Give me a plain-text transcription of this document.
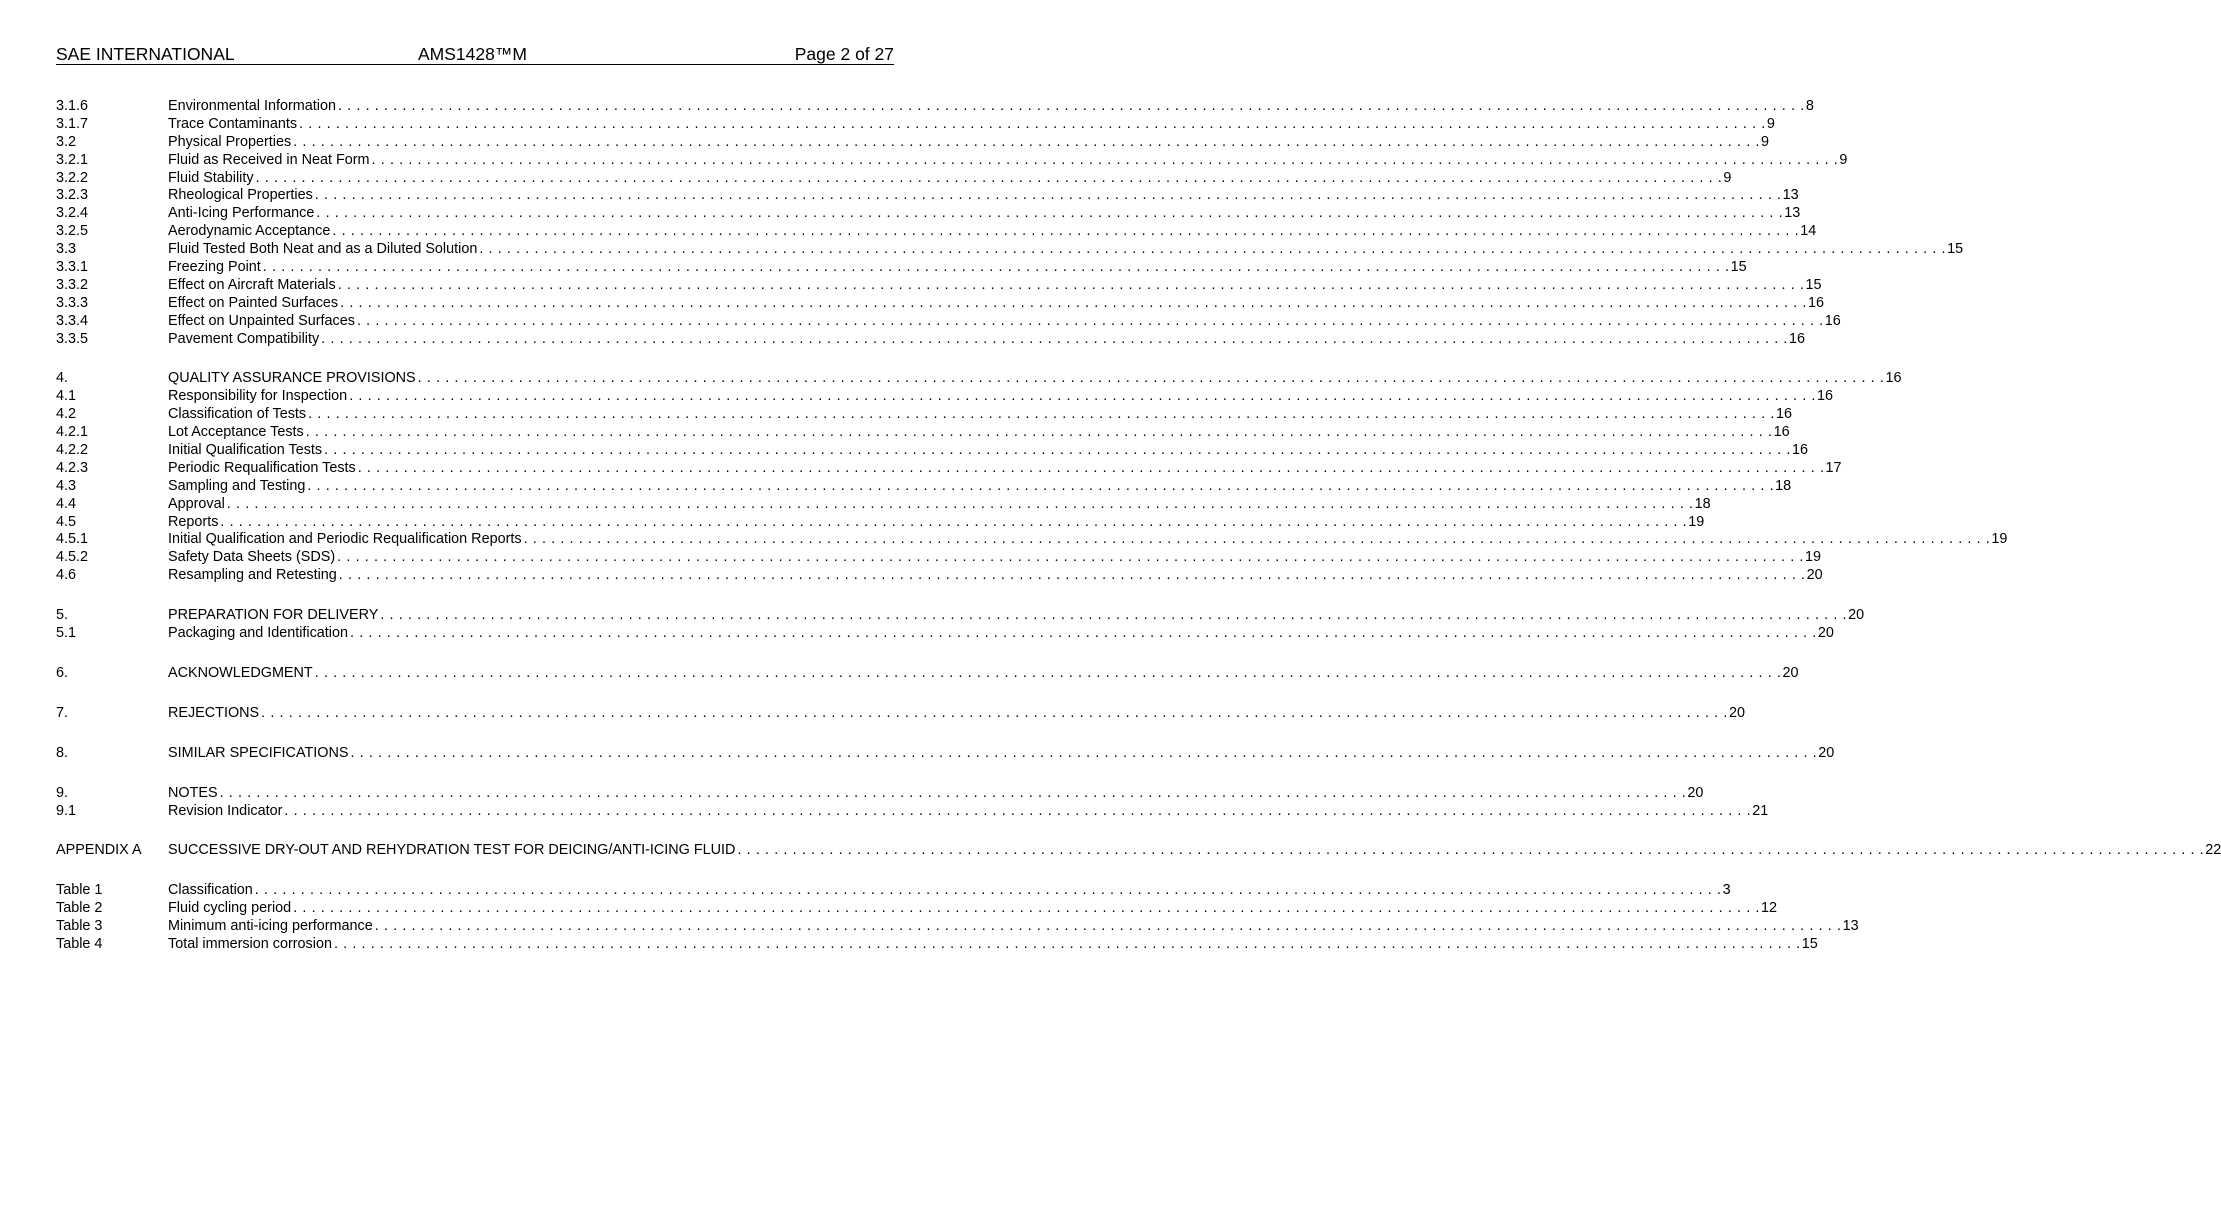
SAE INTERNATIONAL	AMS1428™M	Page 2 of 27
3.1.6	Environmental Information . . . . . . . . . . . . . . . . . . . . . . . . . . . . . . . . . . . . . . . . . . . . . . . . . . . . . . . . . . . . . . . . . . . . . . . . . . . . . . . . . . . . . . . . . . . . . . . . . . . . . . . . . . . . . . . . . . . . . . . . . . . . . . . . . . . . . . . . . . . . . . . . . . . . . . . . . . . . . . . . 8
3.1.7	Trace Contaminants . . . . . . . . . . . . . . . . . . . . . . . . . . . . . . . . . . . . . . . . . . . . . . . . . . . . . . . . . . . . . . . . . . . . . . . . . . . . . . . . . . . . . . . . . . . . . . . . . . . . . . . . . . . . . . . . . . . . . . . . . . . . . . . . . . . . . . . . . . . . . . . . . . . . . . . . . . . . . . . . 9
3.2	Physical Properties . . . . . . . . . . . . . . . . . . . . . . . . . . . . . . . . . . . . . . . . . . . . . . . . . . . . . . . . . . . . . . . . . . . . . . . . . . . . . . . . . . . . . . . . . . . . . . . . . . . . . . . . . . . . . . . . . . . . . . . . . . . . . . . . . . . . . . . . . . . . . . . . . . . . . . . . . . . . . . . . 9
3.2.1	Fluid as Received in Neat Form . . . . . . . . . . . . . . . . . . . . . . . . . . . . . . . . . . . . . . . . . . . . . . . . . . . . . . . . . . . . . . . . . . . . . . . . . . . . . . . . . . . . . . . . . . . . . . . . . . . . . . . . . . . . . . . . . . . . . . . . . . . . . . . . . . . . . . . . . . . . . . . . . . . . . . . . . . . . . . . . 9
3.2.2	Fluid Stability . . . . . . . . . . . . . . . . . . . . . . . . . . . . . . . . . . . . . . . . . . . . . . . . . . . . . . . . . . . . . . . . . . . . . . . . . . . . . . . . . . . . . . . . . . . . . . . . . . . . . . . . . . . . . . . . . . . . . . . . . . . . . . . . . . . . . . . . . . . . . . . . . . . . . . . . . . . . . . . . 9
3.2.3	Rheological Properties . . . . . . . . . . . . . . . . . . . . . . . . . . . . . . . . . . . . . . . . . . . . . . . . . . . . . . . . . . . . . . . . . . . . . . . . . . . . . . . . . . . . . . . . . . . . . . . . . . . . . . . . . . . . . . . . . . . . . . . . . . . . . . . . . . . . . . . . . . . . . . . . . . . . . . . . . . . . . . . . 13
3.2.4	Anti-Icing Performance . . . . . . . . . . . . . . . . . . . . . . . . . . . . . . . . . . . . . . . . . . . . . . . . . . . . . . . . . . . . . . . . . . . . . . . . . . . . . . . . . . . . . . . . . . . . . . . . . . . . . . . . . . . . . . . . . . . . . . . . . . . . . . . . . . . . . . . . . . . . . . . . . . . . . . . . . . . . . . . . 13
3.2.5	Aerodynamic Acceptance . . . . . . . . . . . . . . . . . . . . . . . . . . . . . . . . . . . . . . . . . . . . . . . . . . . . . . . . . . . . . . . . . . . . . . . . . . . . . . . . . . . . . . . . . . . . . . . . . . . . . . . . . . . . . . . . . . . . . . . . . . . . . . . . . . . . . . . . . . . . . . . . . . . . . . . . . . . . . . . . 14
3.3	Fluid Tested Both Neat and as a Diluted Solution . . . . . . . . . . . . . . . . . . . . . . . . . . . . . . . . . . . . . . . . . . . . . . . . . . . . . . . . . . . . . . . . . . . . . . . . . . . . . . . . . . . . . . . . . . . . . . . . . . . . . . . . . . . . . . . . . . . . . . . . . . . . . . . . . . . . . . . . . . . . . . . . . . . . . . . . . . . . . . . . 15
3.3.1	Freezing Point . . . . . . . . . . . . . . . . . . . . . . . . . . . . . . . . . . . . . . . . . . . . . . . . . . . . . . . . . . . . . . . . . . . . . . . . . . . . . . . . . . . . . . . . . . . . . . . . . . . . . . . . . . . . . . . . . . . . . . . . . . . . . . . . . . . . . . . . . . . . . . . . . . . . . . . . . . . . . . . . 15
3.3.2	Effect on Aircraft Materials . . . . . . . . . . . . . . . . . . . . . . . . . . . . . . . . . . . . . . . . . . . . . . . . . . . . . . . . . . . . . . . . . . . . . . . . . . . . . . . . . . . . . . . . . . . . . . . . . . . . . . . . . . . . . . . . . . . . . . . . . . . . . . . . . . . . . . . . . . . . . . . . . . . . . . . . . . . . . . . . 15
3.3.3	Effect on Painted Surfaces . . . . . . . . . . . . . . . . . . . . . . . . . . . . . . . . . . . . . . . . . . . . . . . . . . . . . . . . . . . . . . . . . . . . . . . . . . . . . . . . . . . . . . . . . . . . . . . . . . . . . . . . . . . . . . . . . . . . . . . . . . . . . . . . . . . . . . . . . . . . . . . . . . . . . . . . . . . . . . . . 16
3.3.4	Effect on Unpainted Surfaces . . . . . . . . . . . . . . . . . . . . . . . . . . . . . . . . . . . . . . . . . . . . . . . . . . . . . . . . . . . . . . . . . . . . . . . . . . . . . . . . . . . . . . . . . . . . . . . . . . . . . . . . . . . . . . . . . . . . . . . . . . . . . . . . . . . . . . . . . . . . . . . . . . . . . . . . . . . . . . . . 16
3.3.5	Pavement Compatibility . . . . . . . . . . . . . . . . . . . . . . . . . . . . . . . . . . . . . . . . . . . . . . . . . . . . . . . . . . . . . . . . . . . . . . . . . . . . . . . . . . . . . . . . . . . . . . . . . . . . . . . . . . . . . . . . . . . . . . . . . . . . . . . . . . . . . . . . . . . . . . . . . . . . . . . . . . . . . . . . 16
4.	QUALITY ASSURANCE PROVISIONS . . . . . . . . . . . . . . . . . . . . . . . . . . . . . . . . . . . . . . . . . . . . . . . . . . . . . . . . . . . . . . . . . . . . . . . . . . . . . . . . . . . . . . . . . . . . . . . . . . . . . . . . . . . . . . . . . . . . . . . . . . . . . . . . . . . . . . . . . . . . . . . . . . . . . . . . . . . . . . . . 16
4.1	Responsibility for Inspection . . . . . . . . . . . . . . . . . . . . . . . . . . . . . . . . . . . . . . . . . . . . . . . . . . . . . . . . . . . . . . . . . . . . . . . . . . . . . . . . . . . . . . . . . . . . . . . . . . . . . . . . . . . . . . . . . . . . . . . . . . . . . . . . . . . . . . . . . . . . . . . . . . . . . . . . . . . . . . . . 16
4.2	Classification of Tests . . . . . . . . . . . . . . . . . . . . . . . . . . . . . . . . . . . . . . . . . . . . . . . . . . . . . . . . . . . . . . . . . . . . . . . . . . . . . . . . . . . . . . . . . . . . . . . . . . . . . . . . . . . . . . . . . . . . . . . . . . . . . . . . . . . . . . . . . . . . . . . . . . . . . . . . . . . . . . . . 16
4.2.1	Lot Acceptance Tests . . . . . . . . . . . . . . . . . . . . . . . . . . . . . . . . . . . . . . . . . . . . . . . . . . . . . . . . . . . . . . . . . . . . . . . . . . . . . . . . . . . . . . . . . . . . . . . . . . . . . . . . . . . . . . . . . . . . . . . . . . . . . . . . . . . . . . . . . . . . . . . . . . . . . . . . . . . . . . . . 16
4.2.2	Initial Qualification Tests . . . . . . . . . . . . . . . . . . . . . . . . . . . . . . . . . . . . . . . . . . . . . . . . . . . . . . . . . . . . . . . . . . . . . . . . . . . . . . . . . . . . . . . . . . . . . . . . . . . . . . . . . . . . . . . . . . . . . . . . . . . . . . . . . . . . . . . . . . . . . . . . . . . . . . . . . . . . . . . . 16
4.2.3	Periodic Requalification Tests . . . . . . . . . . . . . . . . . . . . . . . . . . . . . . . . . . . . . . . . . . . . . . . . . . . . . . . . . . . . . . . . . . . . . . . . . . . . . . . . . . . . . . . . . . . . . . . . . . . . . . . . . . . . . . . . . . . . . . . . . . . . . . . . . . . . . . . . . . . . . . . . . . . . . . . . . . . . . . . . 17
4.3	Sampling and Testing . . . . . . . . . . . . . . . . . . . . . . . . . . . . . . . . . . . . . . . . . . . . . . . . . . . . . . . . . . . . . . . . . . . . . . . . . . . . . . . . . . . . . . . . . . . . . . . . . . . . . . . . . . . . . . . . . . . . . . . . . . . . . . . . . . . . . . . . . . . . . . . . . . . . . . . . . . . . . . . . 18
4.4	Approval . . . . . . . . . . . . . . . . . . . . . . . . . . . . . . . . . . . . . . . . . . . . . . . . . . . . . . . . . . . . . . . . . . . . . . . . . . . . . . . . . . . . . . . . . . . . . . . . . . . . . . . . . . . . . . . . . . . . . . . . . . . . . . . . . . . . . . . . . . . . . . . . . . . . . . . . . . . . . . . . 18
4.5	Reports . . . . . . . . . . . . . . . . . . . . . . . . . . . . . . . . . . . . . . . . . . . . . . . . . . . . . . . . . . . . . . . . . . . . . . . . . . . . . . . . . . . . . . . . . . . . . . . . . . . . . . . . . . . . . . . . . . . . . . . . . . . . . . . . . . . . . . . . . . . . . . . . . . . . . . . . . . . . . . . . 19
4.5.1	Initial Qualification and Periodic Requalification Reports . . . . . . . . . . . . . . . . . . . . . . . . . . . . . . . . . . . . . . . . . . . . . . . . . . . . . . . . . . . . . . . . . . . . . . . . . . . . . . . . . . . . . . . . . . . . . . . . . . . . . . . . . . . . . . . . . . . . . . . . . . . . . . . . . . . . . . . . . . . . . . . . . . . . . . . . . . . . . . . . 19
4.5.2	Safety Data Sheets (SDS) . . . . . . . . . . . . . . . . . . . . . . . . . . . . . . . . . . . . . . . . . . . . . . . . . . . . . . . . . . . . . . . . . . . . . . . . . . . . . . . . . . . . . . . . . . . . . . . . . . . . . . . . . . . . . . . . . . . . . . . . . . . . . . . . . . . . . . . . . . . . . . . . . . . . . . . . . . . . . . . . 19
4.6	Resampling and Retesting . . . . . . . . . . . . . . . . . . . . . . . . . . . . . . . . . . . . . . . . . . . . . . . . . . . . . . . . . . . . . . . . . . . . . . . . . . . . . . . . . . . . . . . . . . . . . . . . . . . . . . . . . . . . . . . . . . . . . . . . . . . . . . . . . . . . . . . . . . . . . . . . . . . . . . . . . . . . . . . . 20
5.	PREPARATION FOR DELIVERY . . . . . . . . . . . . . . . . . . . . . . . . . . . . . . . . . . . . . . . . . . . . . . . . . . . . . . . . . . . . . . . . . . . . . . . . . . . . . . . . . . . . . . . . . . . . . . . . . . . . . . . . . . . . . . . . . . . . . . . . . . . . . . . . . . . . . . . . . . . . . . . . . . . . . . . . . . . . . . . . 20
5.1	Packaging and Identification . . . . . . . . . . . . . . . . . . . . . . . . . . . . . . . . . . . . . . . . . . . . . . . . . . . . . . . . . . . . . . . . . . . . . . . . . . . . . . . . . . . . . . . . . . . . . . . . . . . . . . . . . . . . . . . . . . . . . . . . . . . . . . . . . . . . . . . . . . . . . . . . . . . . . . . . . . . . . . . . 20
6.	ACKNOWLEDGMENT . . . . . . . . . . . . . . . . . . . . . . . . . . . . . . . . . . . . . . . . . . . . . . . . . . . . . . . . . . . . . . . . . . . . . . . . . . . . . . . . . . . . . . . . . . . . . . . . . . . . . . . . . . . . . . . . . . . . . . . . . . . . . . . . . . . . . . . . . . . . . . . . . . . . . . . . . . . . . . . . 20
7.	REJECTIONS . . . . . . . . . . . . . . . . . . . . . . . . . . . . . . . . . . . . . . . . . . . . . . . . . . . . . . . . . . . . . . . . . . . . . . . . . . . . . . . . . . . . . . . . . . . . . . . . . . . . . . . . . . . . . . . . . . . . . . . . . . . . . . . . . . . . . . . . . . . . . . . . . . . . . . . . . . . . . . . . 20
8.	SIMILAR SPECIFICATIONS . . . . . . . . . . . . . . . . . . . . . . . . . . . . . . . . . . . . . . . . . . . . . . . . . . . . . . . . . . . . . . . . . . . . . . . . . . . . . . . . . . . . . . . . . . . . . . . . . . . . . . . . . . . . . . . . . . . . . . . . . . . . . . . . . . . . . . . . . . . . . . . . . . . . . . . . . . . . . . . . 20
9.	NOTES . . . . . . . . . . . . . . . . . . . . . . . . . . . . . . . . . . . . . . . . . . . . . . . . . . . . . . . . . . . . . . . . . . . . . . . . . . . . . . . . . . . . . . . . . . . . . . . . . . . . . . . . . . . . . . . . . . . . . . . . . . . . . . . . . . . . . . . . . . . . . . . . . . . . . . . . . . . . . . . . 20
9.1	Revision Indicator . . . . . . . . . . . . . . . . . . . . . . . . . . . . . . . . . . . . . . . . . . . . . . . . . . . . . . . . . . . . . . . . . . . . . . . . . . . . . . . . . . . . . . . . . . . . . . . . . . . . . . . . . . . . . . . . . . . . . . . . . . . . . . . . . . . . . . . . . . . . . . . . . . . . . . . . . . . . . . . . 21
APPENDIX A	SUCCESSIVE DRY-OUT AND REHYDRATION TEST FOR DEICING/ANTI-ICING FLUID . . . . . . . . . . . . . . . . . . . . . . . . . . . . . . . . . . . . . . . . . . . . . . . . . . . . . . . . . . . . . . . . . . . . . . . . . . . . . . . . . . . . . . . . . . . . . . . . . . . . . . . . . . . . . . . . . . . . . . . . . . . . . . . . . . . . . . . . . . . . . . . . . . . . . . . . . . . . . . . . 22
Table 1	Classification . . . . . . . . . . . . . . . . . . . . . . . . . . . . . . . . . . . . . . . . . . . . . . . . . . . . . . . . . . . . . . . . . . . . . . . . . . . . . . . . . . . . . . . . . . . . . . . . . . . . . . . . . . . . . . . . . . . . . . . . . . . . . . . . . . . . . . . . . . . . . . . . . . . . . . . . . . . . . . . . 3
Table 2	Fluid cycling period . . . . . . . . . . . . . . . . . . . . . . . . . . . . . . . . . . . . . . . . . . . . . . . . . . . . . . . . . . . . . . . . . . . . . . . . . . . . . . . . . . . . . . . . . . . . . . . . . . . . . . . . . . . . . . . . . . . . . . . . . . . . . . . . . . . . . . . . . . . . . . . . . . . . . . . . . . . . . . . . 12
Table 3	Minimum anti-icing performance . . . . . . . . . . . . . . . . . . . . . . . . . . . . . . . . . . . . . . . . . . . . . . . . . . . . . . . . . . . . . . . . . . . . . . . . . . . . . . . . . . . . . . . . . . . . . . . . . . . . . . . . . . . . . . . . . . . . . . . . . . . . . . . . . . . . . . . . . . . . . . . . . . . . . . . . . . . . . . . . 13
Table 4	Total immersion corrosion . . . . . . . . . . . . . . . . . . . . . . . . . . . . . . . . . . . . . . . . . . . . . . . . . . . . . . . . . . . . . . . . . . . . . . . . . . . . . . . . . . . . . . . . . . . . . . . . . . . . . . . . . . . . . . . . . . . . . . . . . . . . . . . . . . . . . . . . . . . . . . . . . . . . . . . . . . . . . . . . 15
